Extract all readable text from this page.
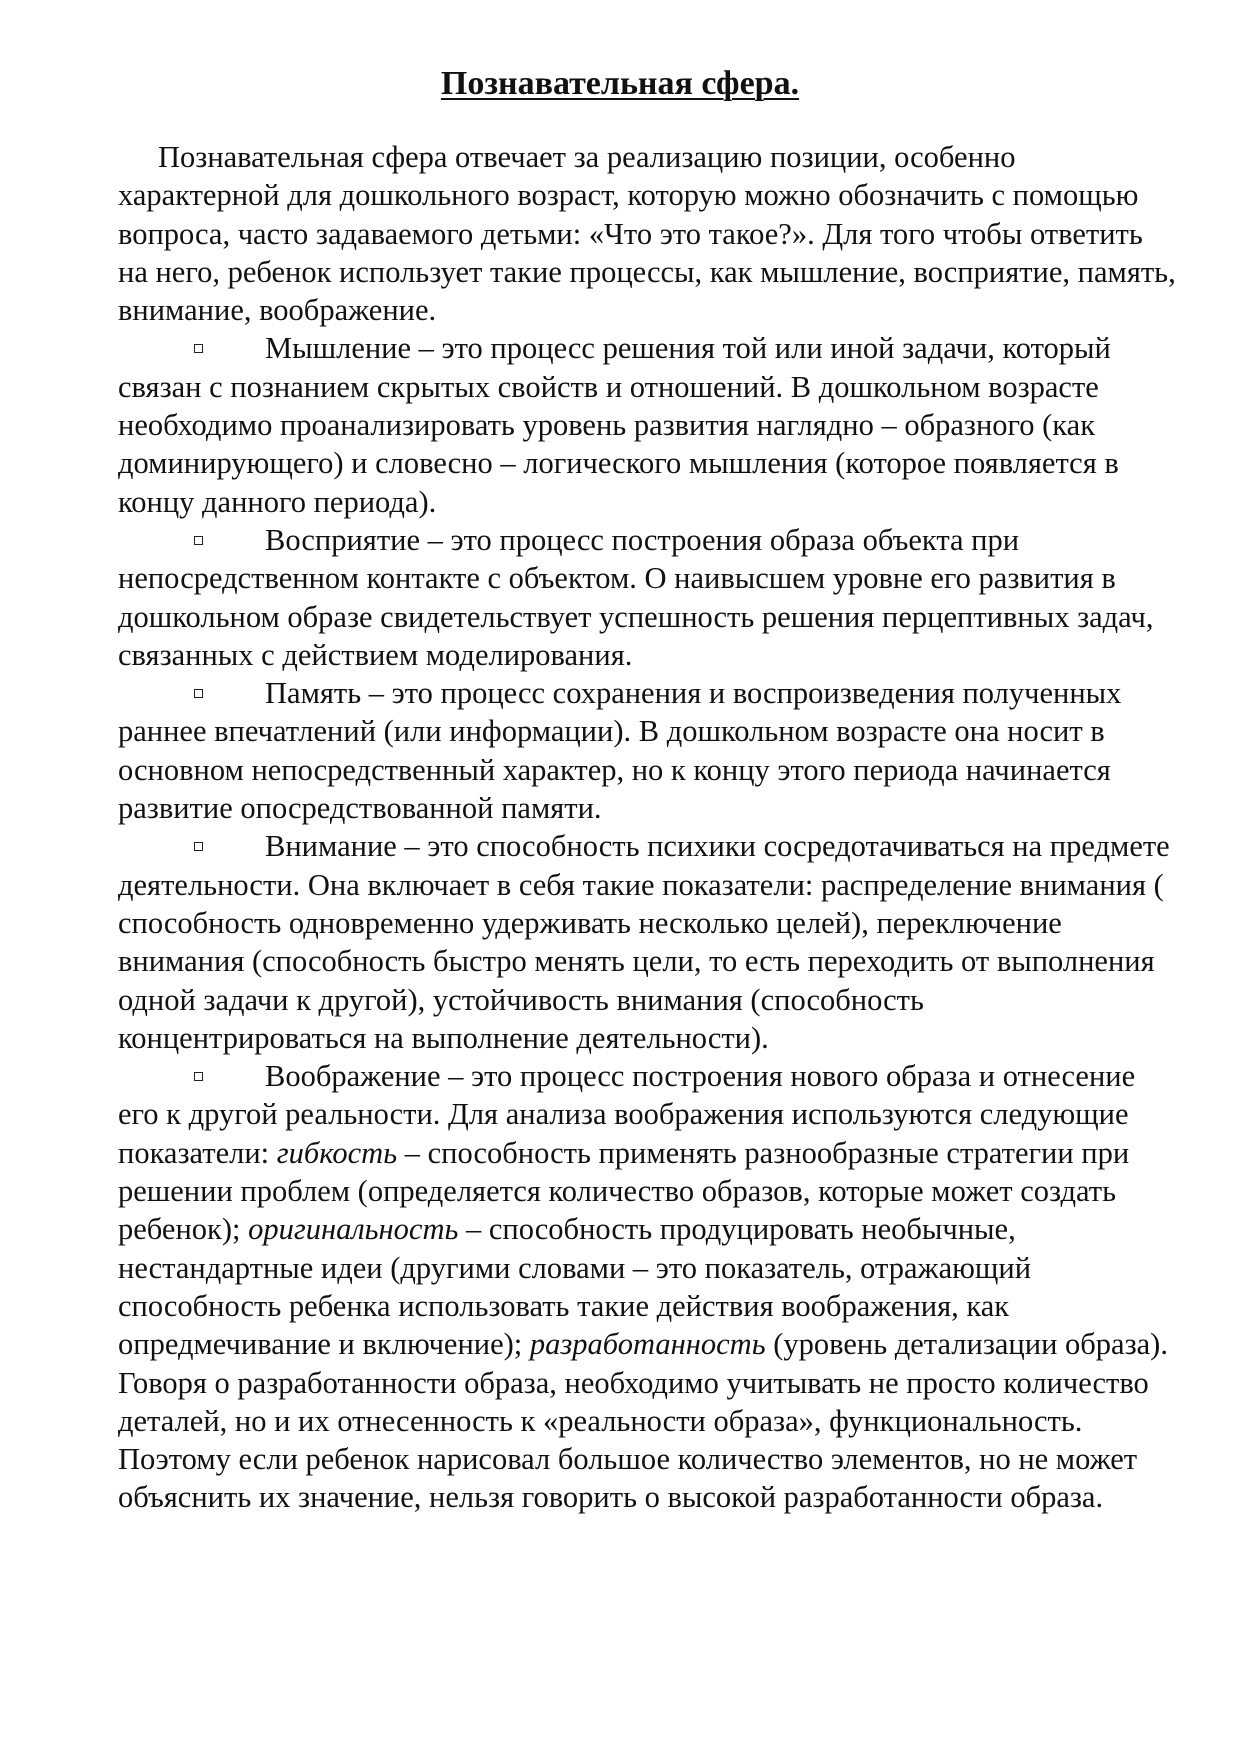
Познавательная сфера.

Познавательная сфера отвечает за реализацию позиции, особенно характерной для дошкольного возраст, которую можно обозначить с помощью вопроса, часто задаваемого детьми: «Что это такое?». Для того чтобы ответить на него, ребенок использует такие процессы, как мышление, восприятие, память, внимание, воображение.

Мышление – это процесс решения той или иной задачи, который связан с познанием скрытых свойств и отношений. В дошкольном возрасте необходимо проанализировать уровень развития наглядно – образного (как доминирующего) и словесно – логического мышления (которое появляется в концу данного периода).

Восприятие – это процесс построения образа объекта при непосредственном контакте с объектом. О наивысшем уровне его развития в дошкольном образе свидетельствует успешность решения перцептивных задач, связанных с действием моделирования.

Память – это процесс сохранения и воспроизведения полученных раннее впечатлений (или информации). В дошкольном возрасте она носит в основном непосредственный характер, но к концу этого периода начинается развитие опосредствованной памяти.

Внимание – это способность психики сосредотачиваться на предмете деятельности. Она включает в себя такие показатели: распределение внимания ( способность одновременно удерживать несколько целей), переключение внимания (способность быстро менять цели, то есть переходить от выполнения одной задачи к другой), устойчивость внимания (способность концентрироваться на выполнение деятельности).

Воображение – это процесс построения нового образа и отнесение его к другой реальности. Для анализа воображения используются следующие показатели: гибкость – способность применять разнообразные стратегии при решении проблем (определяется количество образов, которые может создать ребенок); оригинальность – способность продуцировать необычные, нестандартные идеи (другими словами – это показатель, отражающий способность ребенка использовать такие действия воображения, как опредмечивание и включение); разработанность (уровень детализации образа). Говоря о разработанности образа, необходимо учитывать не просто количество деталей, но и их отнесенность к «реальности образа», функциональность. Поэтому если ребенок нарисовал большое количество элементов, но не может объяснить их значение, нельзя говорить о высокой разработанности образа.
